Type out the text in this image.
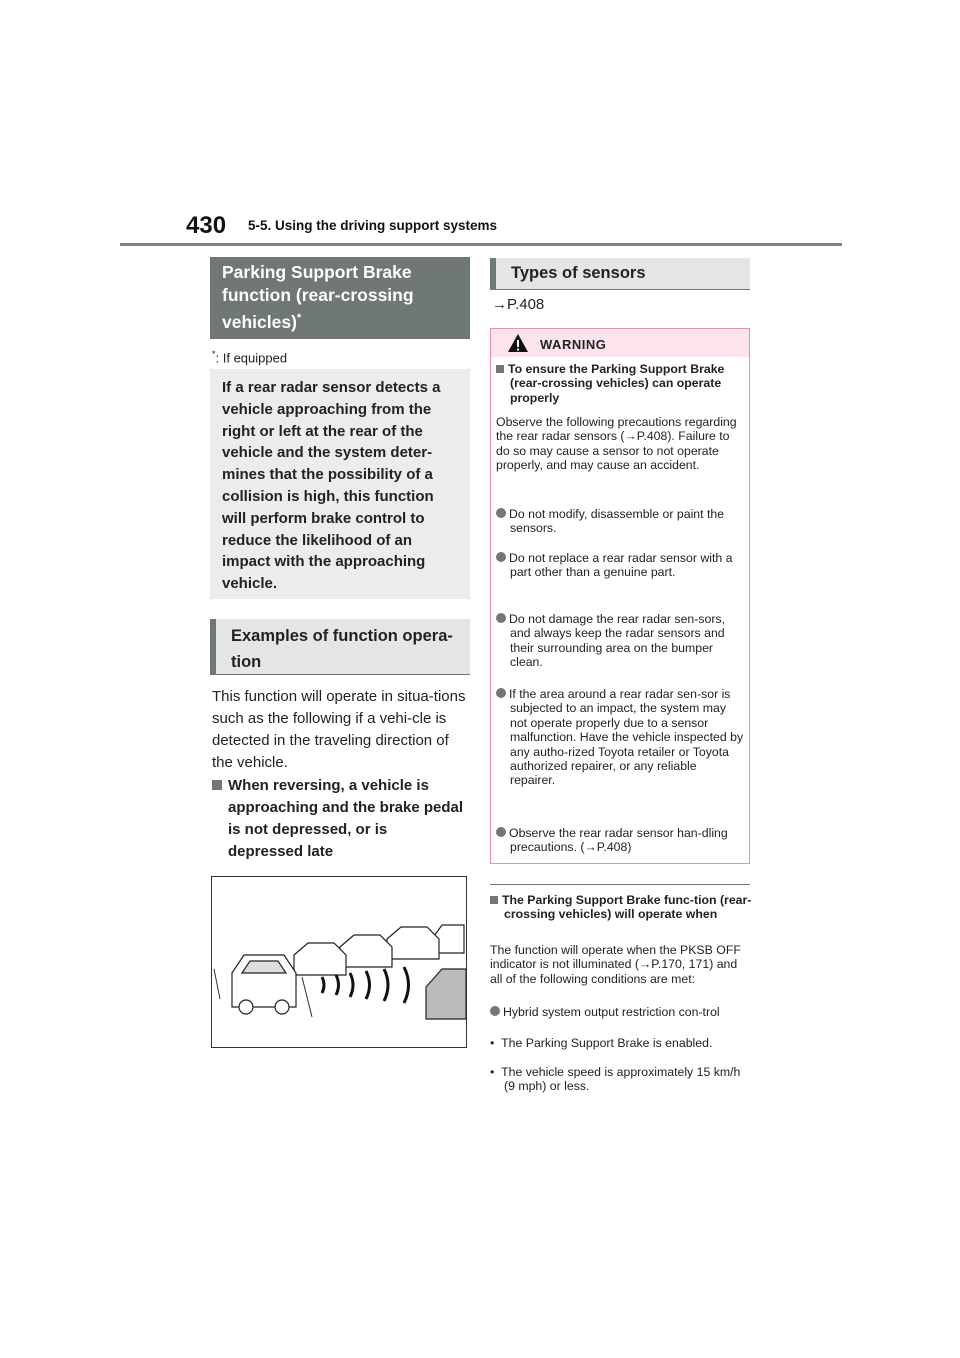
430 5-5. Using the driving support systems
Parking Support Brake
function (rear-crossing
vehicles)*
*: If equipped
If a rear radar sensor detects a vehicle approaching from the right or left at the rear of the vehicle and the system deter-mines that the possibility of a collision is high, this function will perform brake control to reduce the likelihood of an impact with the approaching vehicle.
Examples of function opera-tion
This function will operate in situa-tions such as the following if a vehi-cle is detected in the traveling direction of the vehicle.
When reversing, a vehicle is approaching and the brake pedal is not depressed, or is depressed late
Types of sensors
→P.408
WARNING
To ensure the Parking Support Brake (rear-crossing vehicles) can operate properly
Observe the following precautions regarding the rear radar sensors (→P.408). Failure to do so may cause a sensor to not operate properly, and may cause an accident.
Do not modify, disassemble or paint the sensors.
Do not replace a rear radar sensor with a part other than a genuine part.
Do not damage the rear radar sen-sors, and always keep the radar sensors and their surrounding area on the bumper clean.
If the area around a rear radar sen-sor is subjected to an impact, the system may not operate properly due to a sensor malfunction. Have the vehicle inspected by any autho-rized Toyota retailer or Toyota authorized repairer, or any reliable repairer.
Observe the rear radar sensor han-dling precautions. (→P.408)
The Parking Support Brake func-tion (rear-crossing vehicles) will operate when
The function will operate when the PKSB OFF indicator is not illuminated (→P.170, 171) and all of the following conditions are met:
Hybrid system output restriction con-trol
•  The Parking Support Brake is enabled.
•  The vehicle speed is approximately 15 km/h (9 mph) or less.
